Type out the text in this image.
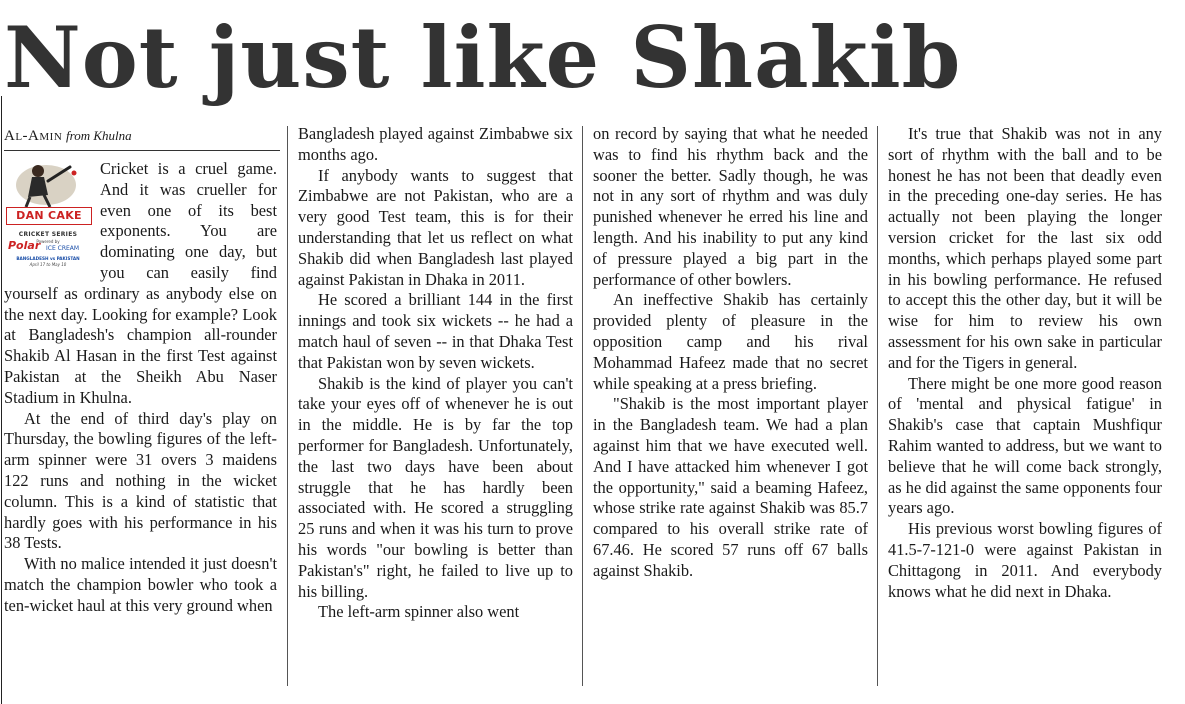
Not just like Shakib
Al-Amin from Khulna
DAN CAKE
CRICKET SERIES
Powered by
Polar ICE CREAM
BANGLADESH vs PAKISTAN
April 17 to May 10

Cricket is a cruel game. And it was crueller for even one of its best exponents. You are dominating one day, but you can easily find yourself as ordinary as anybody else on the next day. Looking for example? Look at Bangladesh's champion all-rounder Shakib Al Hasan in the first Test against Pakistan at the Sheikh Abu Naser Stadium in Khulna.

At the end of third day's play on Thursday, the bowling figures of the left-arm spinner were 31 overs 3 maidens 122 runs and nothing in the wicket column. This is a kind of statistic that hardly goes with his performance in his 38 Tests.

With no malice intended it just doesn't match the champion bowler who took a ten-wicket haul at this very ground when

Bangladesh played against Zimbabwe six months ago.

If anybody wants to suggest that Zimbabwe are not Pakistan, who are a very good Test team, this is for their understanding that let us reflect on what Shakib did when Bangladesh last played against Pakistan in Dhaka in 2011.

He scored a brilliant 144 in the first innings and took six wickets -- he had a match haul of seven -- in that Dhaka Test that Pakistan won by seven wickets.

Shakib is the kind of player you can't take your eyes off of whenever he is out in the middle. He is by far the top performer for Bangladesh. Unfortunately, the last two days have been about struggle that he has hardly been associated with. He scored a struggling 25 runs and when it was his turn to prove his words "our bowling is better than Pakistan's" right, he failed to live up to his billing.

The left-arm spinner also went

on record by saying that what he needed was to find his rhythm back and the sooner the better. Sadly though, he was not in any sort of rhythm and was duly punished whenever he erred his line and length. And his inability to put any kind of pressure played a big part in the performance of other bowlers.

An ineffective Shakib has certainly provided plenty of pleasure in the opposition camp and his rival Mohammad Hafeez made that no secret while speaking at a press briefing.

"Shakib is the most important player in the Bangladesh team. We had a plan against him that we have executed well. And I have attacked him whenever I got the opportunity," said a beaming Hafeez, whose strike rate against Shakib was 85.7 compared to his overall strike rate of 67.46. He scored 57 runs off 67 balls against Shakib.

It's true that Shakib was not in any sort of rhythm with the ball and to be honest he has not been that deadly even in the preceding one-day series. He has actually not been playing the longer version cricket for the last six odd months, which perhaps played some part in his bowling performance. He refused to accept this the other day, but it will be wise for him to review his own assessment for his own sake in particular and for the Tigers in general.

There might be one more good reason of 'mental and physical fatigue' in Shakib's case that captain Mushfiqur Rahim wanted to address, but we want to believe that he will come back strongly, as he did against the same opponents four years ago.

His previous worst bowling figures of 41.5-7-121-0 were against Pakistan in Chittagong in 2011. And everybody knows what he did next in Dhaka.
